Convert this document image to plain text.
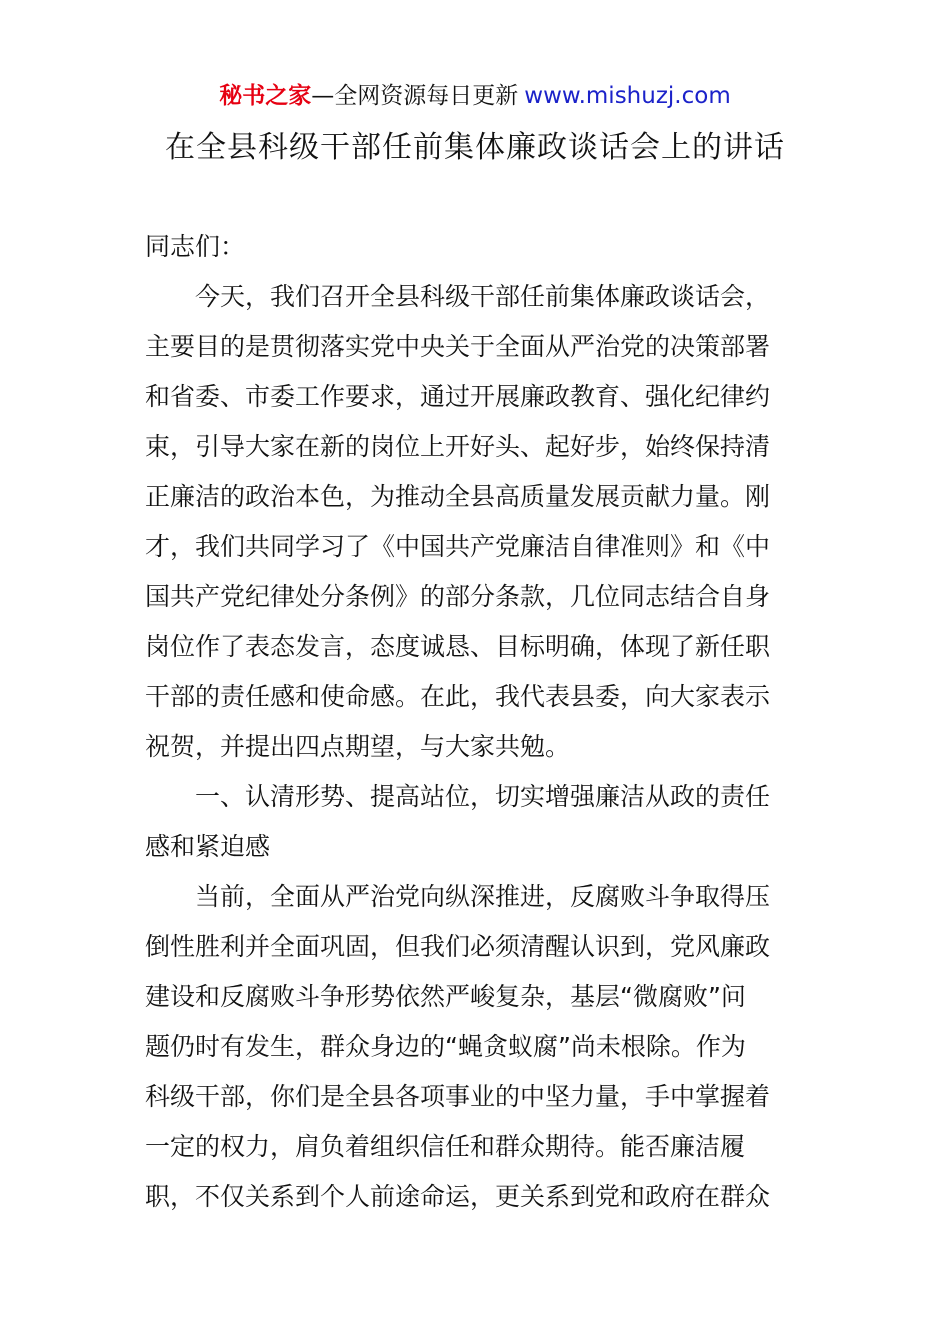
秘书之家—全网资源每日更新 www.mishuzj.com
在全县科级干部任前集体廉政谈话会上的讲话
同志们：
今天，我们召开全县科级干部任前集体廉政谈话会，
主要目的是贯彻落实党中央关于全面从严治党的决策部署
和省委、市委工作要求，通过开展廉政教育、强化纪律约
束，引导大家在新的岗位上开好头、起好步，始终保持清
正廉洁的政治本色，为推动全县高质量发展贡献力量。刚
才，我们共同学习了《中国共产党廉洁自律准则》和《中
国共产党纪律处分条例》的部分条款，几位同志结合自身
岗位作了表态发言，态度诚恳、目标明确，体现了新任职
干部的责任感和使命感。在此，我代表县委，向大家表示
祝贺，并提出四点期望，与大家共勉。
一、认清形势、提高站位，切实增强廉洁从政的责任
感和紧迫感
当前，全面从严治党向纵深推进，反腐败斗争取得压
倒性胜利并全面巩固，但我们必须清醒认识到，党风廉政
建设和反腐败斗争形势依然严峻复杂，基层“微腐败”问
题仍时有发生，群众身边的“蝇贪蚁腐”尚未根除。作为
科级干部，你们是全县各项事业的中坚力量，手中掌握着
一定的权力，肩负着组织信任和群众期待。能否廉洁履
职，不仅关系到个人前途命运，更关系到党和政府在群众
